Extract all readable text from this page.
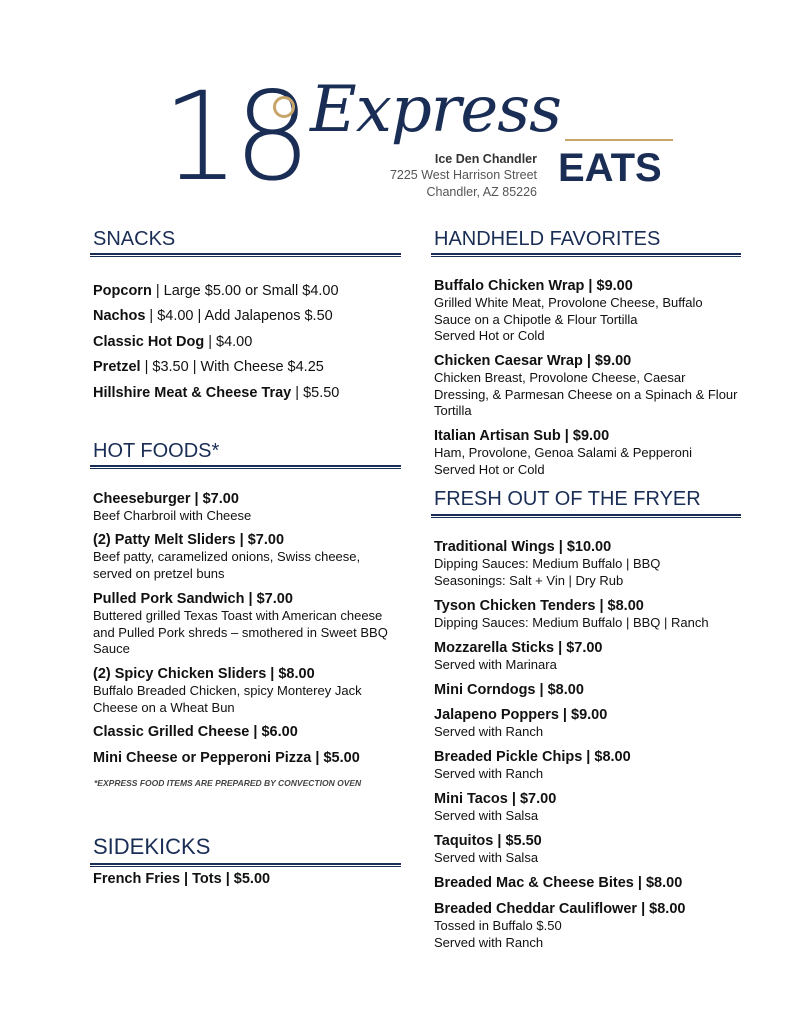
18 Express
Ice Den Chandler
7225 West Harrison Street
Chandler, AZ 85226
EATS
SNACKS
Popcorn | Large $5.00 or Small $4.00
Nachos | $4.00 | Add Jalapenos $.50
Classic Hot Dog | $4.00
Pretzel | $3.50 | With Cheese $4.25
Hillshire Meat & Cheese Tray | $5.50
HOT FOODS*
Cheeseburger | $7.00
Beef Charbroil with Cheese
(2) Patty Melt Sliders | $7.00
Beef patty, caramelized onions, Swiss cheese, served on pretzel buns
Pulled Pork Sandwich | $7.00
Buttered grilled Texas Toast with American cheese and Pulled Pork shreds – smothered in Sweet BBQ Sauce
(2) Spicy Chicken Sliders | $8.00
Buffalo Breaded Chicken, spicy Monterey Jack Cheese on a Wheat Bun
Classic Grilled Cheese | $6.00
Mini Cheese or Pepperoni Pizza | $5.00
*EXPRESS FOOD ITEMS ARE PREPARED BY CONVECTION OVEN
SIDEKICKS
French Fries | Tots | $5.00
HANDHELD FAVORITES
Buffalo Chicken Wrap | $9.00
Grilled White Meat, Provolone Cheese, Buffalo Sauce on a Chipotle & Flour Tortilla
Served Hot or Cold
Chicken Caesar Wrap | $9.00
Chicken Breast, Provolone Cheese, Caesar Dressing, & Parmesan Cheese on a Spinach & Flour Tortilla
Italian Artisan Sub | $9.00
Ham, Provolone, Genoa Salami & Pepperoni
Served Hot or Cold
FRESH OUT OF THE FRYER
Traditional Wings | $10.00
Dipping Sauces: Medium Buffalo | BBQ
Seasonings: Salt + Vin | Dry Rub
Tyson Chicken Tenders | $8.00
Dipping Sauces: Medium Buffalo | BBQ | Ranch
Mozzarella Sticks | $7.00
Served with Marinara
Mini Corndogs | $8.00
Jalapeno Poppers | $9.00
Served with Ranch
Breaded Pickle Chips | $8.00
Served with Ranch
Mini Tacos | $7.00
Served with Salsa
Taquitos | $5.50
Served with Salsa
Breaded Mac & Cheese Bites | $8.00
Breaded Cheddar Cauliflower | $8.00
Tossed in Buffalo $.50
Served with Ranch
